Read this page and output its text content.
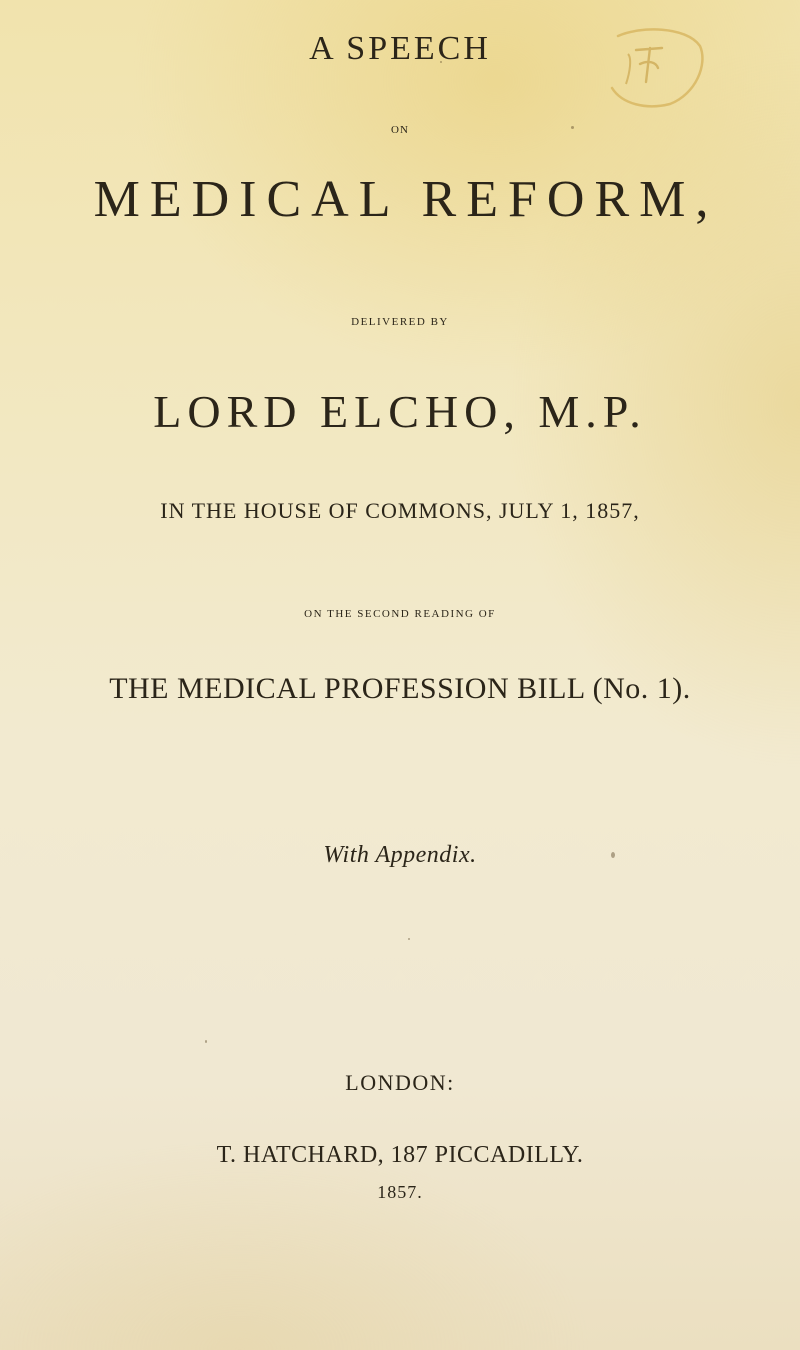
A SPEECH
ON
MEDICAL REFORM,
DELIVERED BY
LORD ELCHO, M.P.
IN THE HOUSE OF COMMONS, JULY 1, 1857,
ON THE SECOND READING OF
THE MEDICAL PROFESSION BILL (No. 1).
With Appendix.
LONDON:
T. HATCHARD, 187 PICCADILLY.
1857.
